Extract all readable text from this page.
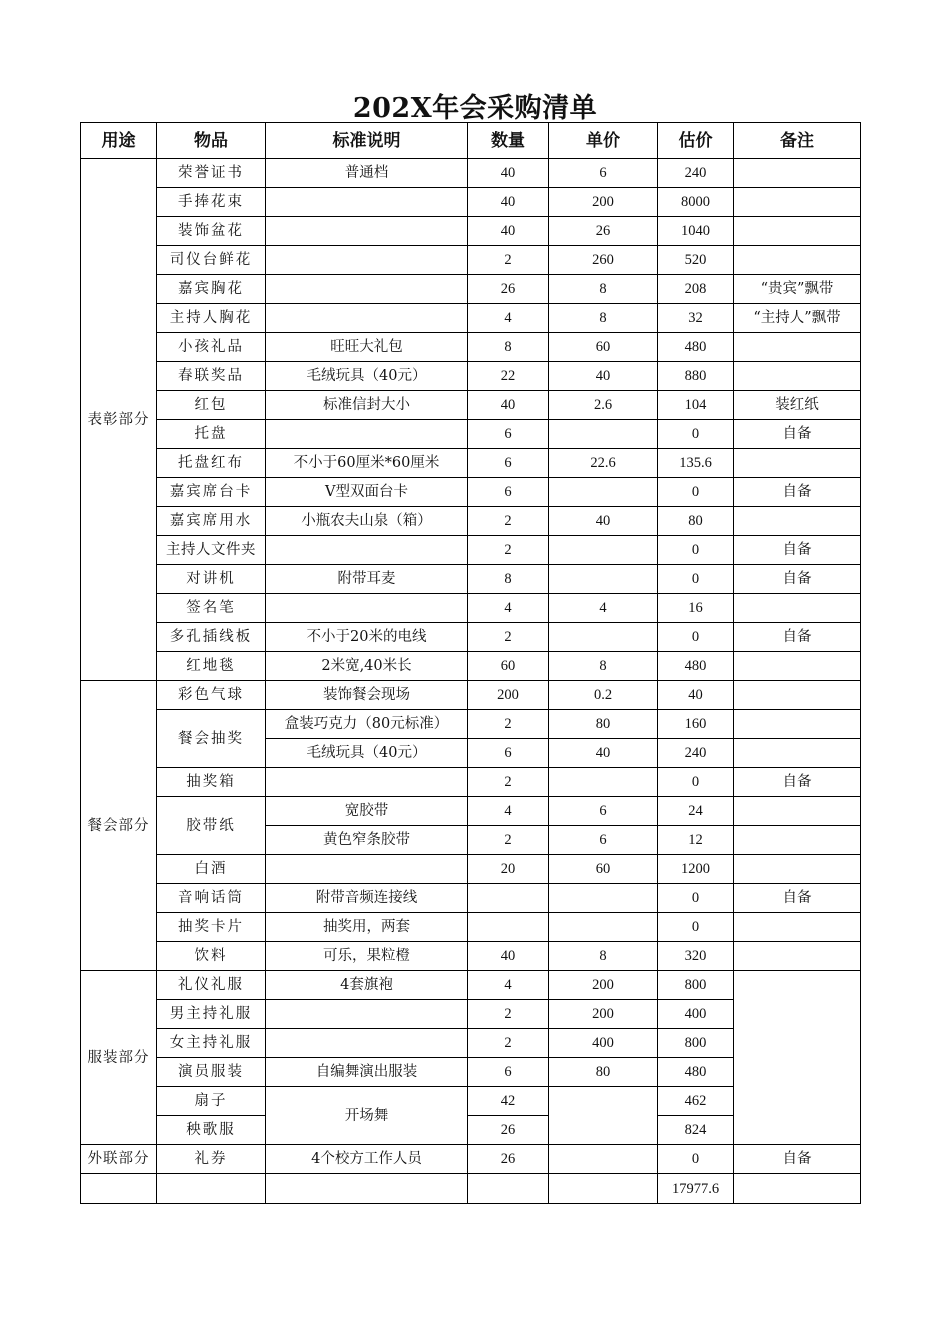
202X年会采购清单
用途	物品	标准说明	数量	单价	估价	备注
表彰部分	荣誉证书	普通档	40	6	240	
	手捧花束		40	200	8000	
	装饰盆花		40	26	1040	
	司仪台鲜花		2	260	520	
	嘉宾胸花		26	8	208	“贵宾”飘带
	主持人胸花		4	8	32	“主持人”飘带
	小孩礼品	旺旺大礼包	8	60	480	
	春联奖品	毛绒玩具（40元）	22	40	880	
	红包	标准信封大小	40	2.6	104	装红纸
	托盘		6		0	自备
	托盘红布	不小于60厘米*60厘米	6	22.6	135.6	
	嘉宾席台卡	V型双面台卡	6		0	自备
	嘉宾席用水	小瓶农夫山泉（箱）	2	40	80	
	主持人文件夹		2		0	自备
	对讲机	附带耳麦	8		0	自备
	签名笔		4	4	16	
	多孔插线板	不小于20米的电线	2		0	自备
	红地毯	2米宽,40米长	60	8	480	
餐会部分	彩色气球	装饰餐会现场	200	0.2	40	
	餐会抽奖	盒装巧克力（80元标准）	2	80	160	
		毛绒玩具（40元）	6	40	240	
	抽奖箱		2		0	自备
	胶带纸	宽胶带	4	6	24	
		黄色窄条胶带	2	6	12	
	白酒		20	60	1200	
	音响话筒	附带音频连接线			0	自备
	抽奖卡片	抽奖用，两套			0	
	饮料	可乐，果粒橙	40	8	320	
服装部分	礼仪礼服	4套旗袍	4	200	800	
	男主持礼服		2	200	400	
	女主持礼服		2	400	800	
	演员服装	自编舞演出服装	6	80	480	
	扇子	开场舞	42		462	
	秧歌服		26		824	
外联部分	礼券	4个校方工作人员	26		0	自备
					17977.6	
